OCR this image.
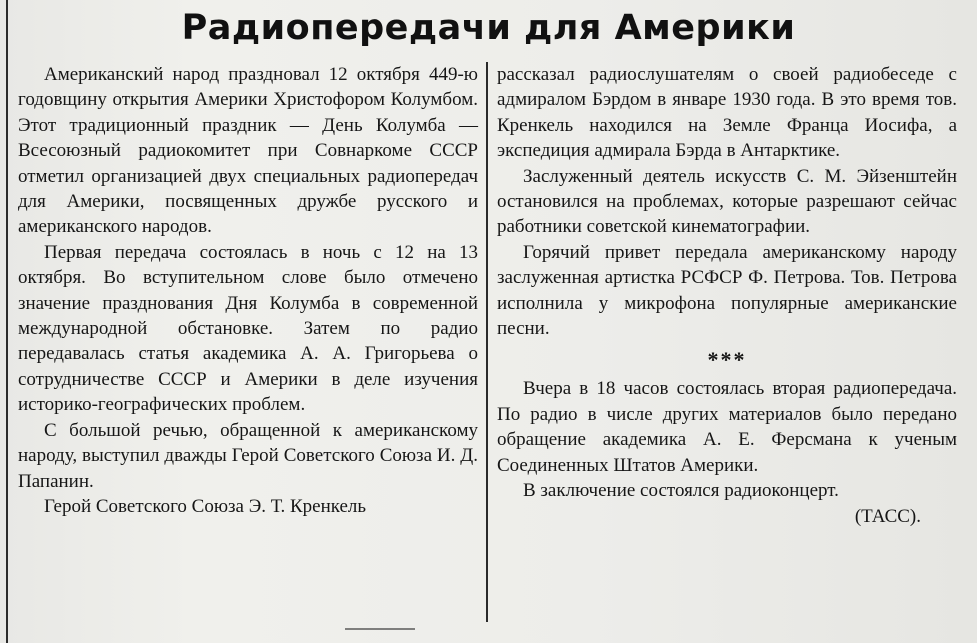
Радиопередачи для Америки

Американский народ праздновал 12 октября 449-ю годовщину открытия Америки Христофором Колумбом. Этот традиционный праздник — День Колумба — Всесоюзный радиокомитет при Совнаркоме СССР отметил организацией двух специальных радиопередач для Америки, посвященных дружбе русского и американского народов.

Первая передача состоялась в ночь с 12 на 13 октября. Во вступительном слове было отмечено значение празднования Дня Колумба в современной международной обстановке. Затем по радио передавалась статья академика А. А. Григорьева о сотрудничестве СССР и Америки в деле изучения историко-географических проблем.

С большой речью, обращенной к американскому народу, выступил дважды Герой Советского Союза И. Д. Папанин.

Герой Советского Союза Э. Т. Кренкель

рассказал радиослушателям о своей радиобеседе с адмиралом Бэрдом в январе 1930 года. В это время тов. Кренкель находился на Земле Франца Иосифа, а экспедиция адмирала Бэрда в Антарктике.

Заслуженный деятель искусств С. М. Эйзенштейн остановился на проблемах, которые разрешают сейчас работники советской кинематографии.

Горячий привет передала американскому народу заслуженная артистка РСФСР Ф. Петрова. Тов. Петрова исполнила у микрофона популярные американские песни.

***

Вчера в 18 часов состоялась вторая радиопередача. По радио в числе других материалов было передано обращение академика А. Е. Ферсмана к ученым Соединенных Штатов Америки.

В заключение состоялся радиоконцерт.

(ТАСС).
